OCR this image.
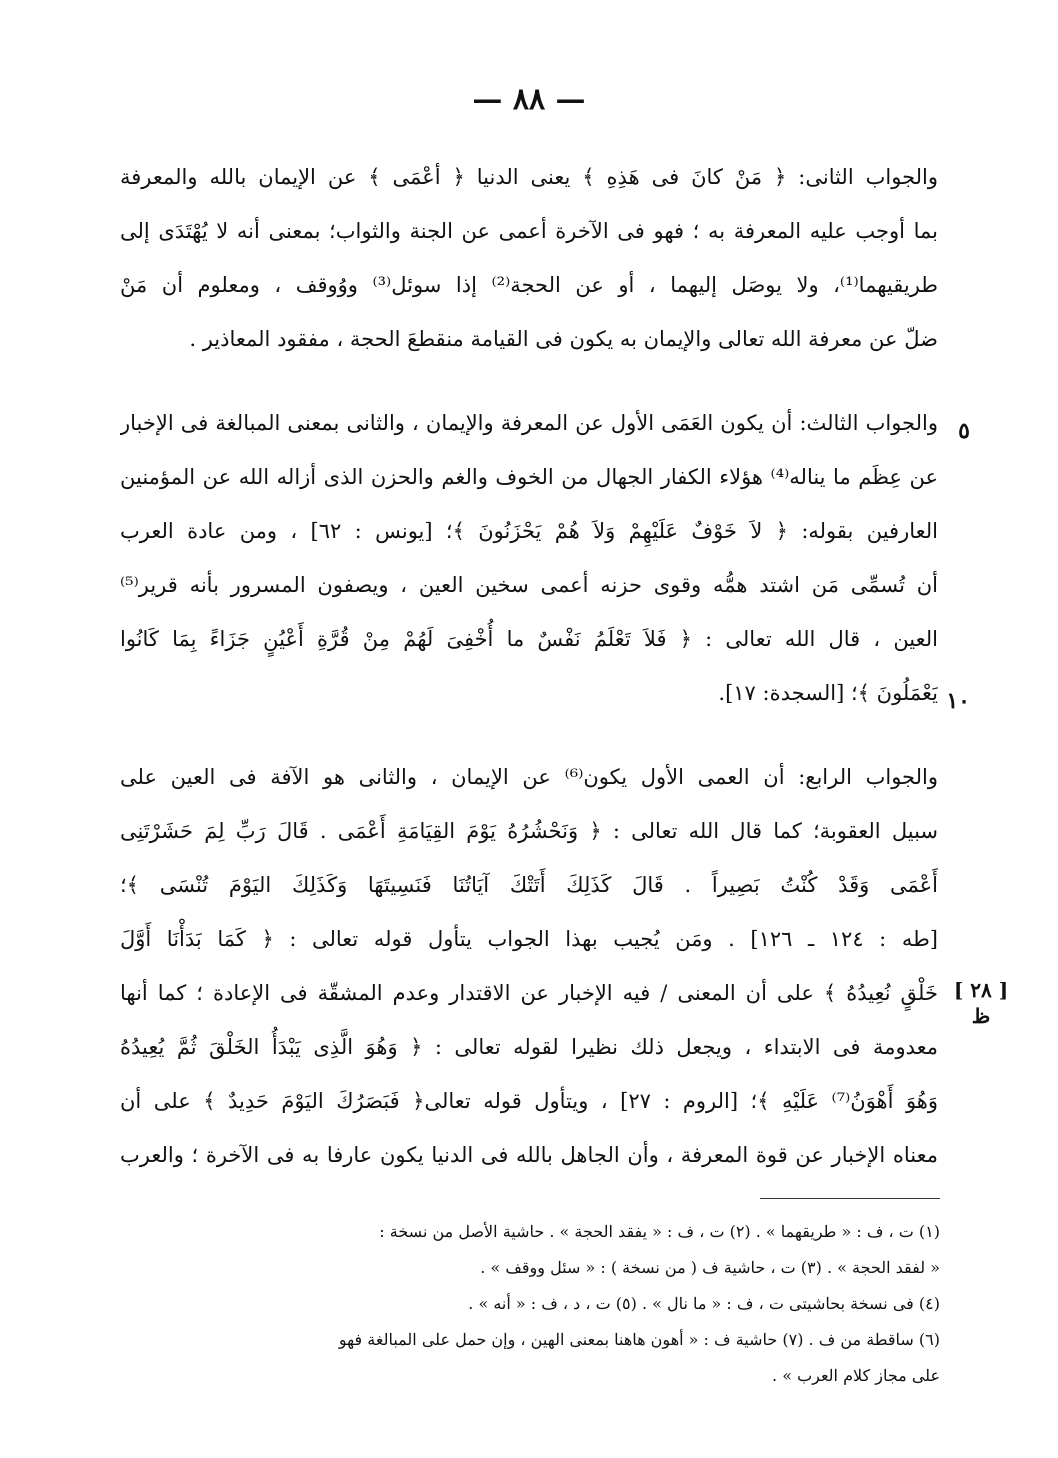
— ٨٨ —

والجواب الثانى: ﴿ مَنْ كانَ فى هَذِهِ ﴾ يعنى الدنيا ﴿ أعْمَى ﴾ عن الإيمان بالله والمعرفة

بما أوجب عليه المعرفة به ؛ فهو فى الآخرة أعمى عن الجنة والثواب؛ بمعنى أنه لا يُهْتَدَى إلى

طريقيهما⁽¹⁾، ولا يوصَل إليهما ، أو عن الحجة⁽²⁾ إذا سوئل⁽³⁾ ووُوقف ، ومعلوم أن مَنْ

ضلّ عن معرفة الله تعالى والإيمان به يكون فى القيامة منقطعَ الحجة ، مفقود المعاذير .

والجواب الثالث: أن يكون العَمَى الأول عن المعرفة والإيمان ، والثانى بمعنى المبالغة فى الإخبار

عن عِظَم ما يناله⁽⁴⁾ هؤلاء الكفار الجهال من الخوف والغم والحزن الذى أزاله الله عن المؤمنين

العارفين بقوله: ﴿ لاَ خَوْفٌ عَلَيْهِمْ وَلاَ هُمْ يَحْزَنُونَ ﴾؛ [يونس : ٦٢] ، ومن عادة العرب

أن تُسمِّى مَن اشتد همُّه وقوى حزنه أعمى سخين العين ، ويصفون المسرور بأنه قرير⁽⁵⁾

العين ، قال الله تعالى : ﴿ فَلاَ تَعْلَمُ نَفْسٌ ما أُخْفِىَ لَهُمْ مِنْ قُرَّةِ أَعْيُنٍ جَزَاءً بِمَا كَانُوا

يَعْمَلُونَ ﴾؛ [السجدة: ١٧].

والجواب الرابع: أن العمى الأول يكون⁽⁶⁾ عن الإيمان ، والثانى هو الآفة فى العين على

سبيل العقوبة؛ كما قال الله تعالى : ﴿ وَنَحْشُرُهُ يَوْمَ القِيَامَةِ أَعْمَى . قَالَ رَبِّ لِمَ حَشَرْتَنِى

أَعْمَى وَقَدْ كُنْتُ بَصِيراً . قَالَ كَذَلِكَ أَتَتْكَ آيَاتُنَا فَنَسِيتَهَا وَكَذَلِكَ اليَوْمَ تُنْسَى ﴾؛

[طه : ١٢٤ ـ ١٢٦] . ومَن يُجيب بهذا الجواب يتأول قوله تعالى : ﴿ كَمَا بَدَأْنَا أَوَّلَ

خَلْقٍ نُعِيدُهُ ﴾ على أن المعنى / فيه الإخبار عن الاقتدار وعدم المشقّة فى الإعادة ؛ كما أنها

معدومة فى الابتداء ، ويجعل ذلك نظيرا لقوله تعالى : ﴿ وَهُوَ الَّذِى يَبْدَأُ الخَلْقَ ثُمَّ يُعِيدُهُ

وَهُوَ أَهْوَنُ⁽⁷⁾ عَلَيْهِ ﴾؛ [الروم : ٢٧] ، ويتأول قوله تعالى﴿ فَبَصَرُكَ اليَوْمَ حَدِيدٌ ﴾ على أن

معناه الإخبار عن قوة المعرفة ، وأن الجاهل بالله فى الدنيا يكون عارفا به فى الآخرة ؛ والعرب

٥
١٠
[ ٢٨ ]
ظ

(١) ت ، ف : « طريقهما » . (٢) ت ، ف : « يفقد الحجة » . حاشية الأصل من نسخة :

« لفقد الحجة » . (٣) ت ، حاشية ف ( من نسخة ) : « سئل ووقف » .

(٤) فى نسخة بحاشيتى ت ، ف : « ما نال » . (٥) ت ، د ، ف : « أنه » .

(٦) ساقطة من ف . (٧) حاشية ف : « أهون هاهنا بمعنى الهين ، وإن حمل على المبالغة فهو

على مجاز كلام العرب » .
